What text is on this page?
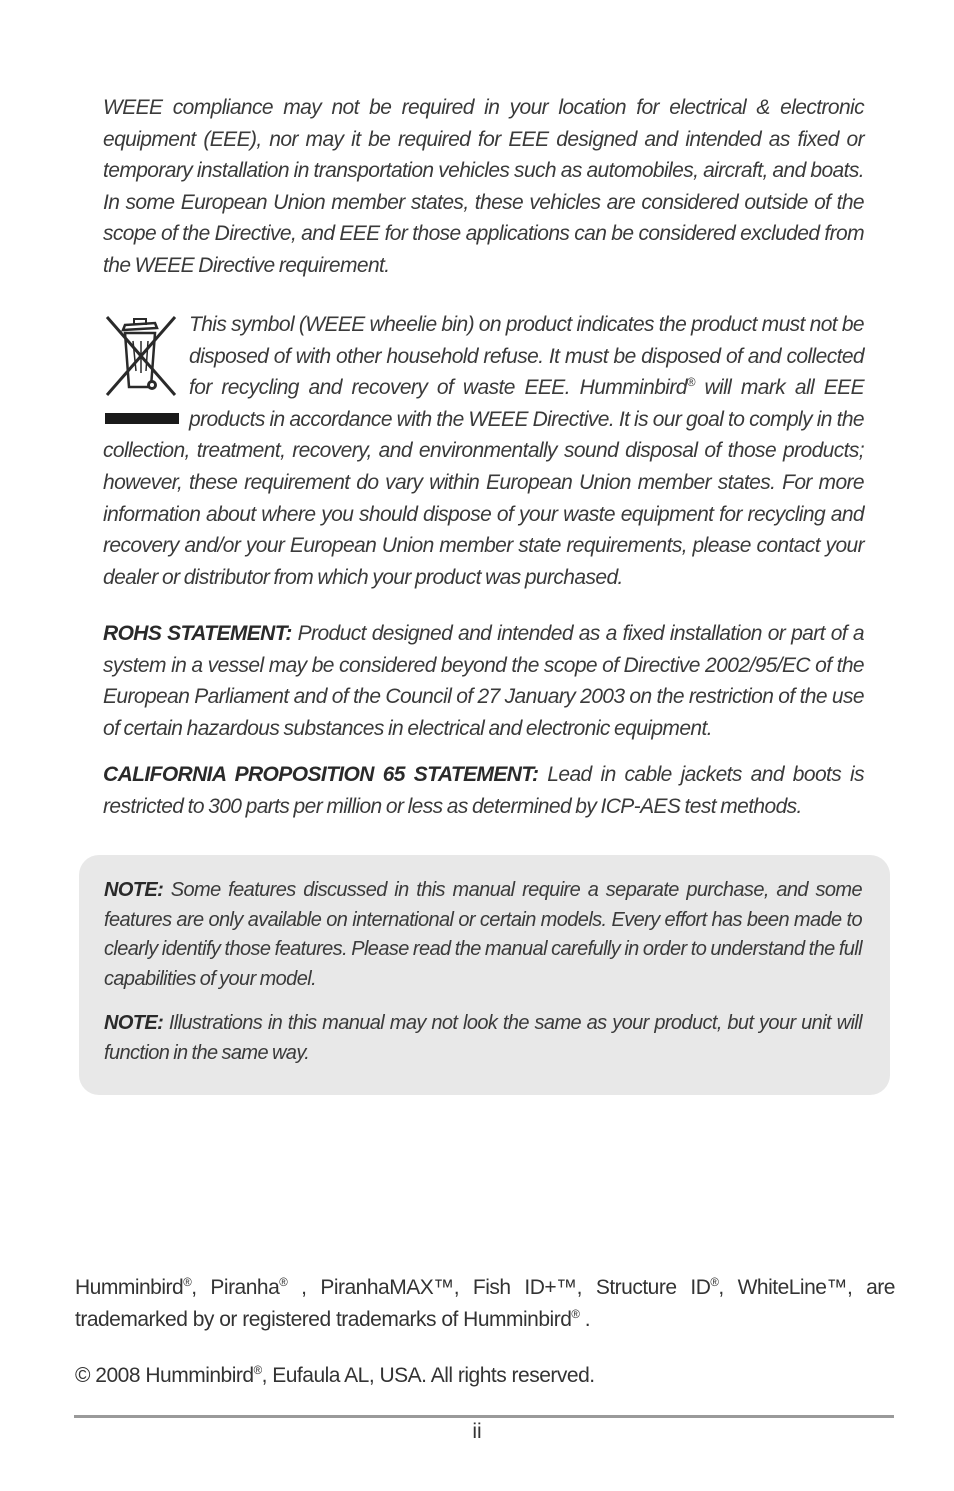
WEEE compliance may not be required in your location for electrical & electronic equipment (EEE), nor may it be required for EEE designed and intended as fixed or temporary installation in transportation vehicles such as automobiles, aircraft, and boats. In some European Union member states, these vehicles are considered outside of the scope of the Directive, and EEE for those applications can be considered excluded from the WEEE Directive requirement.

This symbol (WEEE wheelie bin) on product indicates the product must not be disposed of with other household refuse. It must be disposed of and collected for recycling and recovery of waste EEE. Humminbird® will mark all EEE products in accordance with the WEEE Directive. It is our goal to comply in the collection, treatment, recovery, and environmentally sound disposal of those products; however, these requirement do vary within European Union member states. For more information about where you should dispose of your waste equipment for recycling and recovery and/or your European Union member state requirements, please contact your dealer or distributor from which your product was purchased.

ROHS STATEMENT: Product designed and intended as a fixed installation or part of a system in a vessel may be considered beyond the scope of Directive 2002/95/EC of the European Parliament and of the Council of 27 January 2003 on the restriction of the use of certain hazardous substances in electrical and electronic equipment.

CALIFORNIA PROPOSITION 65 STATEMENT: Lead in cable jackets and boots is restricted to 300 parts per million or less as determined by ICP-AES test methods.

NOTE: Some features discussed in this manual require a separate purchase, and some features are only available on international or certain models. Every effort has been made to clearly identify those features. Please read the manual carefully in order to understand the full capabilities of your model.

NOTE: Illustrations in this manual may not look the same as your product, but your unit will function in the same way.

Humminbird®, Piranha® , PiranhaMAX™, Fish ID+™, Structure ID®, WhiteLine™, are trademarked by or registered trademarks of Humminbird® .

© 2008 Humminbird®, Eufaula AL, USA. All rights reserved.

ii
